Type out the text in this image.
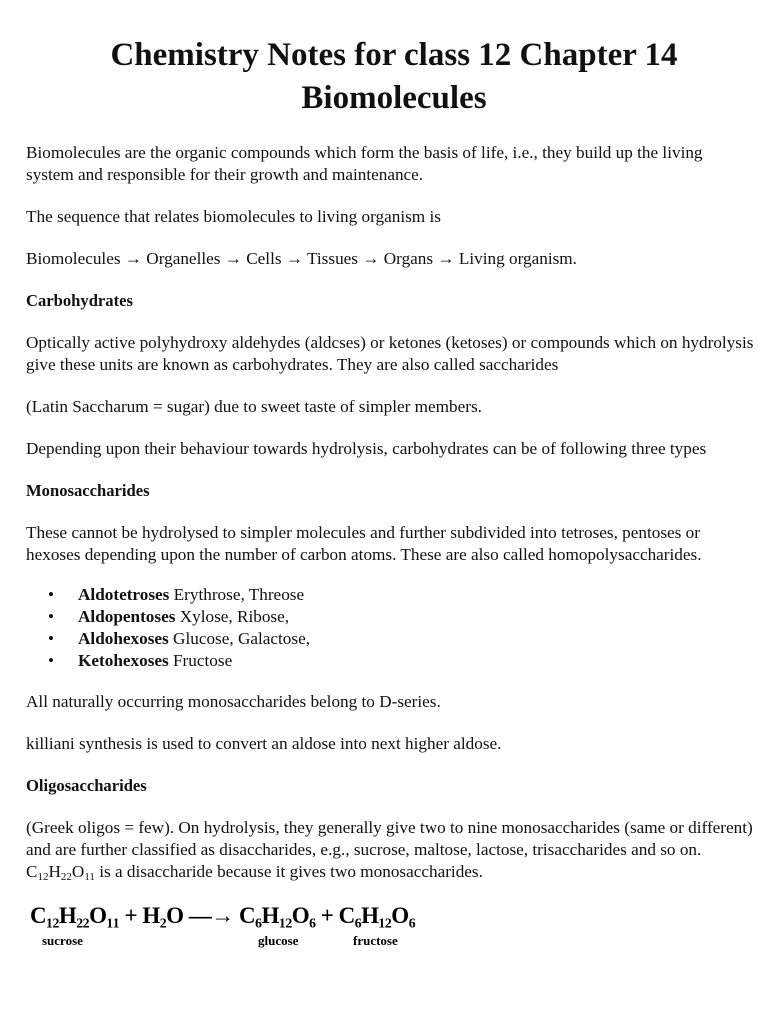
Chemistry Notes for class 12 Chapter 14 Biomolecules

Biomolecules are the organic compounds which form the basis of life, i.e., they build up the living system and responsible for their growth and maintenance.

The sequence that relates biomolecules to living organism is

Biomolecules → Organelles → Cells → Tissues → Organs → Living organism.

Carbohydrates

Optically active polyhydroxy aldehydes (aldcses) or ketones (ketoses) or compounds which on hydrolysis give these units are known as carbohydrates. They are also called saccharides

(Latin Saccharum = sugar) due to sweet taste of simpler members.

Depending upon their behaviour towards hydrolysis, carbohydrates can be of following three types

Monosaccharides

These cannot be hydrolysed to simpler molecules and further subdivided into tetroses, pentoses or hexoses depending upon the number of carbon atoms. These are also called homopolysaccharides.

• Aldotetroses Erythrose, Threose
• Aldopentoses Xylose, Ribose,
• Aldohexoses Glucose, Galactose,
• Ketohexoses Fructose

All naturally occurring monosaccharides belong to D-series.

killiani synthesis is used to convert an aldose into next higher aldose.

Oligosaccharides

(Greek oligos = few). On hydrolysis, they generally give two to nine monosaccharides (same or different) and are further classified as disaccharides, e.g., sucrose, maltose, lactose, trisaccharides and so on. $C_{12}H_{22}O_{11}$ is a disaccharide because it gives two monosaccharides.

C₁₂H₂₂O₁₁ + H₂O —→ C₆H₁₂O₆ + C₆H₁₂O₆
sucrose	glucose	fructose
